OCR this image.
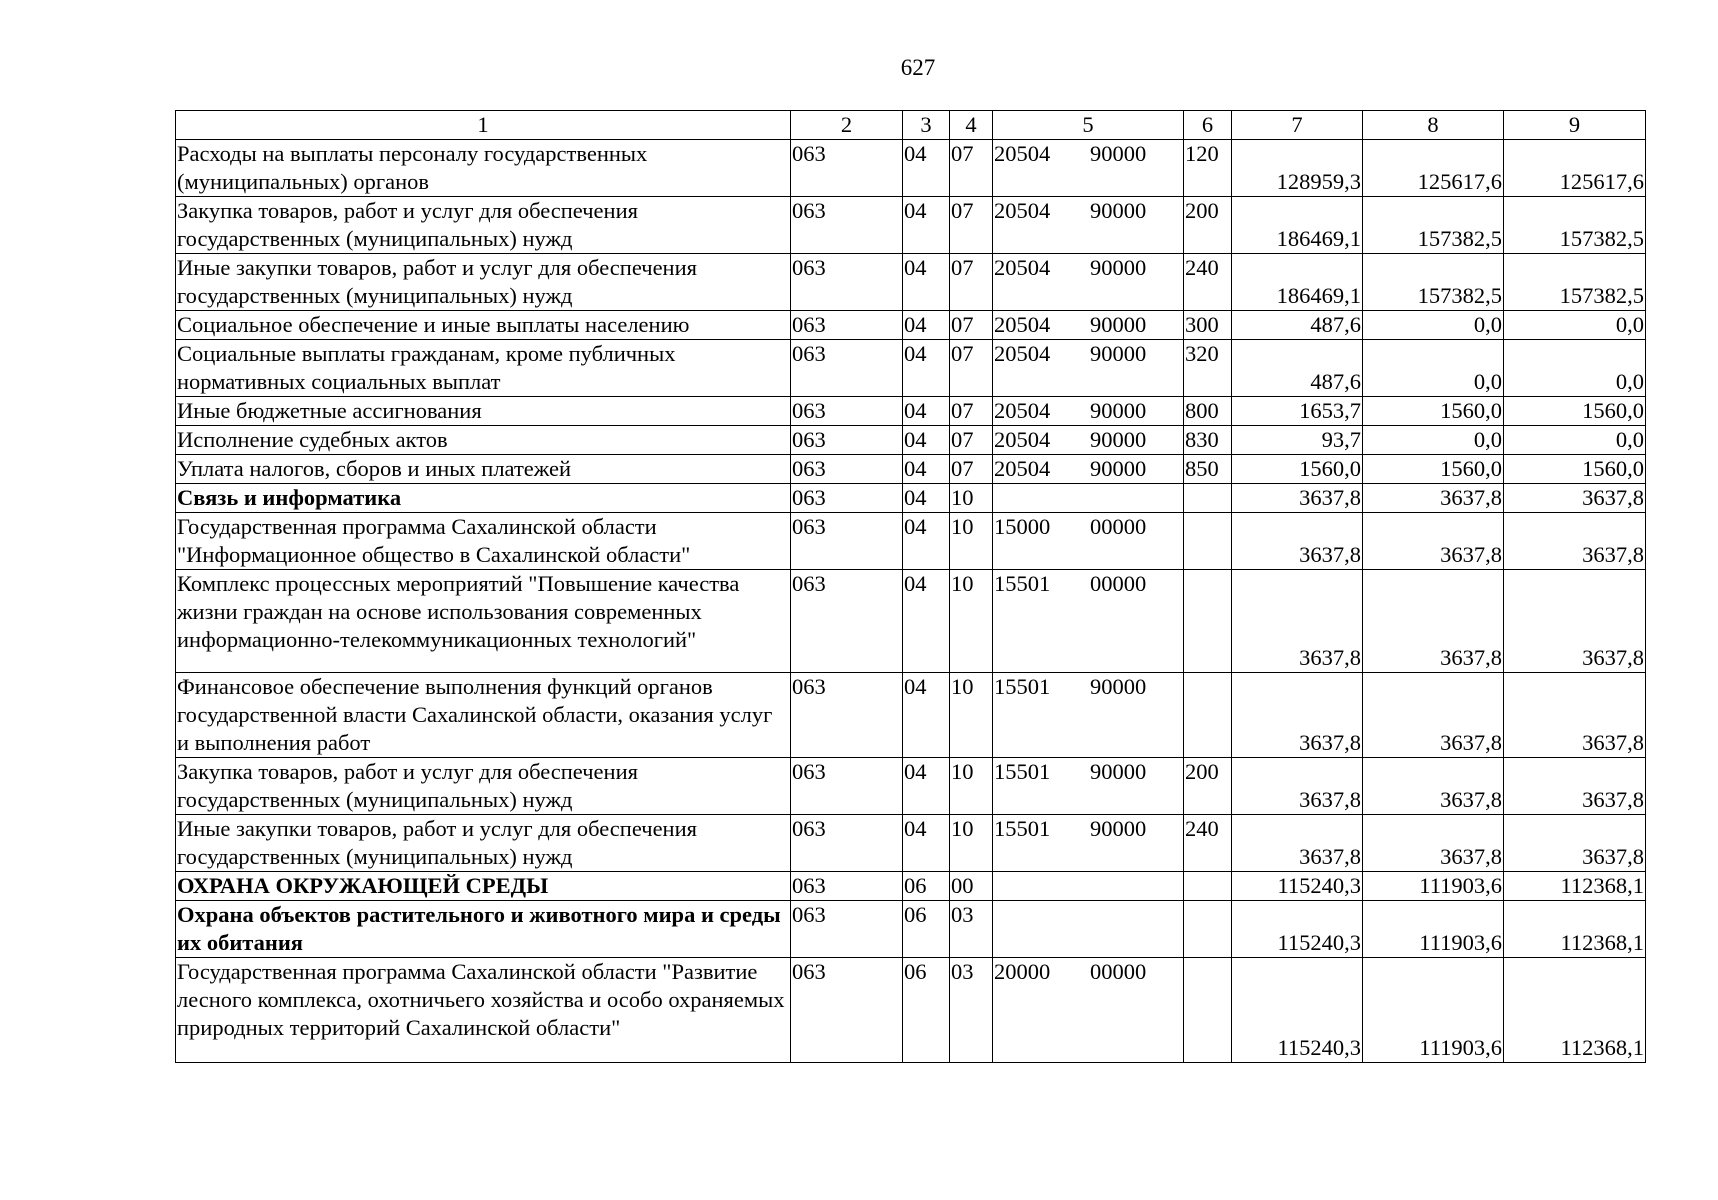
627
1	2	3	4	5	6	7	8	9
Расходы на выплаты персоналу государственных (муниципальных) органов	063	04	07	20504 90000	120	128959,3	125617,6	125617,6
Закупка товаров, работ и услуг для обеспечения государственных (муниципальных) нужд	063	04	07	20504 90000	200	186469,1	157382,5	157382,5
Иные закупки товаров, работ и услуг для обеспечения государственных (муниципальных) нужд	063	04	07	20504 90000	240	186469,1	157382,5	157382,5
Социальное обеспечение и иные выплаты населению	063	04	07	20504 90000	300	487,6	0,0	0,0
Социальные выплаты гражданам, кроме публичных нормативных социальных выплат	063	04	07	20504 90000	320	487,6	0,0	0,0
Иные бюджетные ассигнования	063	04	07	20504 90000	800	1653,7	1560,0	1560,0
Исполнение судебных актов	063	04	07	20504 90000	830	93,7	0,0	0,0
Уплата налогов, сборов и иных платежей	063	04	07	20504 90000	850	1560,0	1560,0	1560,0
Связь и информатика	063	04	10			3637,8	3637,8	3637,8
Государственная программа Сахалинской области "Информационное общество в Сахалинской области"	063	04	10	15000 00000		3637,8	3637,8	3637,8
Комплекс процессных мероприятий "Повышение качества жизни граждан на основе использования современных информационно-телекоммуникационных технологий"	063	04	10	15501 00000		3637,8	3637,8	3637,8
Финансовое обеспечение выполнения функций органов государственной власти Сахалинской области, оказания услуг и выполнения работ	063	04	10	15501 90000		3637,8	3637,8	3637,8
Закупка товаров, работ и услуг для обеспечения государственных (муниципальных) нужд	063	04	10	15501 90000	200	3637,8	3637,8	3637,8
Иные закупки товаров, работ и услуг для обеспечения государственных (муниципальных) нужд	063	04	10	15501 90000	240	3637,8	3637,8	3637,8
ОХРАНА ОКРУЖАЮЩЕЙ СРЕДЫ	063	06	00			115240,3	111903,6	112368,1
Охрана объектов растительного и животного мира и среды их обитания	063	06	03			115240,3	111903,6	112368,1
Государственная программа Сахалинской области "Развитие лесного комплекса, охотничьего хозяйства и особо охраняемых природных территорий Сахалинской области"	063	06	03	20000 00000		115240,3	111903,6	112368,1
